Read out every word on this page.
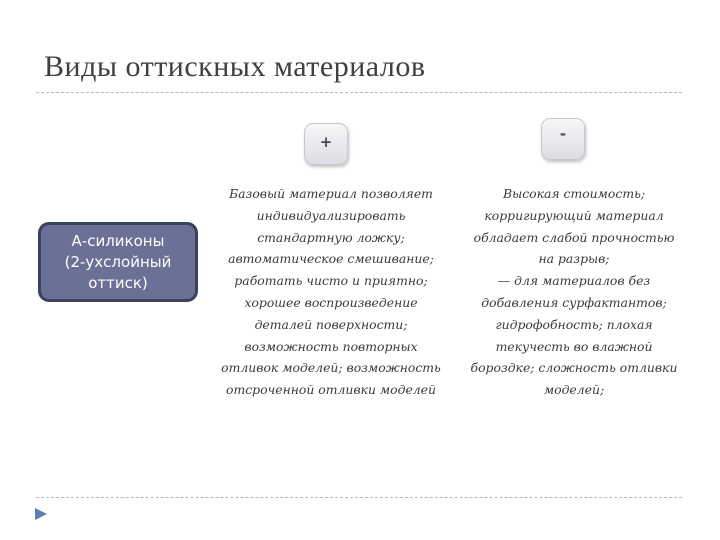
Виды оттискных материалов
+	-
А-силиконы
(2-ухслойный
оттиск)
Базовый материал позволяет
индивидуализировать
стандартную ложку;
автоматическое смешивание;
работать чисто и приятно;
хорошее воспроизведение
деталей поверхности;
возможность повторных
отливок моделей; возможность
отсроченной отливки моделей
Высокая стоимость;
корригирующий материал
обладает слабой прочностью
на разрыв;
— для материалов без
добавления сурфактантов;
гидрофобность; плохая
текучесть во влажной
бороздке; сложность отливки
моделей;
